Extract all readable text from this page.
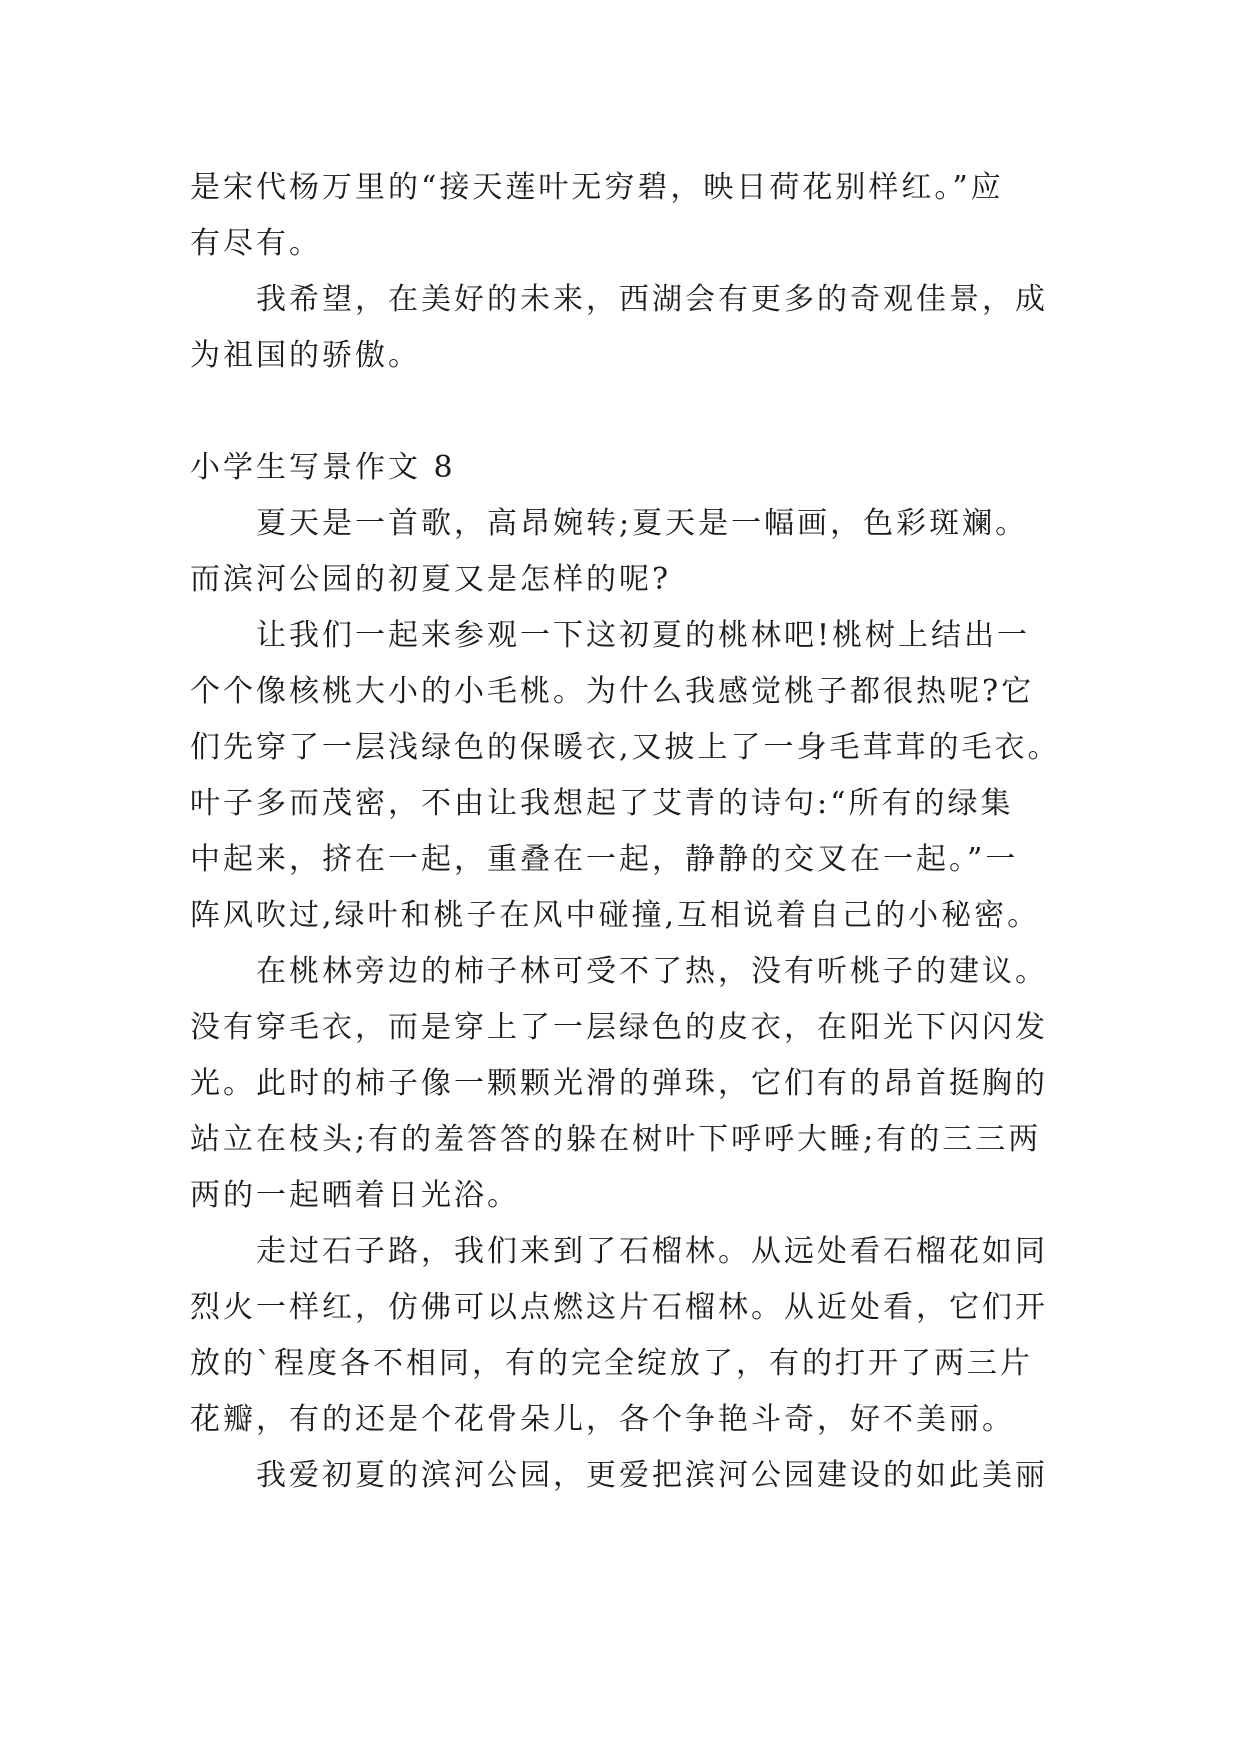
是宋代杨万里的“接天莲叶无穷碧，映日荷花别样红。”应
有尽有。
我希望，在美好的未来，西湖会有更多的奇观佳景，成
为祖国的骄傲。
小学生写景作文 8
夏天是一首歌，高昂婉转;夏天是一幅画，色彩斑斓。
而滨河公园的初夏又是怎样的呢?
让我们一起来参观一下这初夏的桃林吧!桃树上结出一
个个像核桃大小的小毛桃。为什么我感觉桃子都很热呢?它
们先穿了一层浅绿色的保暖衣,又披上了一身毛茸茸的毛衣。
叶子多而茂密，不由让我想起了艾青的诗句:“所有的绿集
中起来，挤在一起，重叠在一起，静静的交叉在一起。”一
阵风吹过,绿叶和桃子在风中碰撞,互相说着自己的小秘密。
在桃林旁边的柿子林可受不了热，没有听桃子的建议。
没有穿毛衣，而是穿上了一层绿色的皮衣，在阳光下闪闪发
光。此时的柿子像一颗颗光滑的弹珠，它们有的昂首挺胸的
站立在枝头;有的羞答答的躲在树叶下呼呼大睡;有的三三两
两的一起晒着日光浴。
走过石子路，我们来到了石榴林。从远处看石榴花如同
烈火一样红，仿佛可以点燃这片石榴林。从近处看，它们开
放的`程度各不相同，有的完全绽放了，有的打开了两三片
花瓣，有的还是个花骨朵儿，各个争艳斗奇，好不美丽。
我爱初夏的滨河公园，更爱把滨河公园建设的如此美丽
